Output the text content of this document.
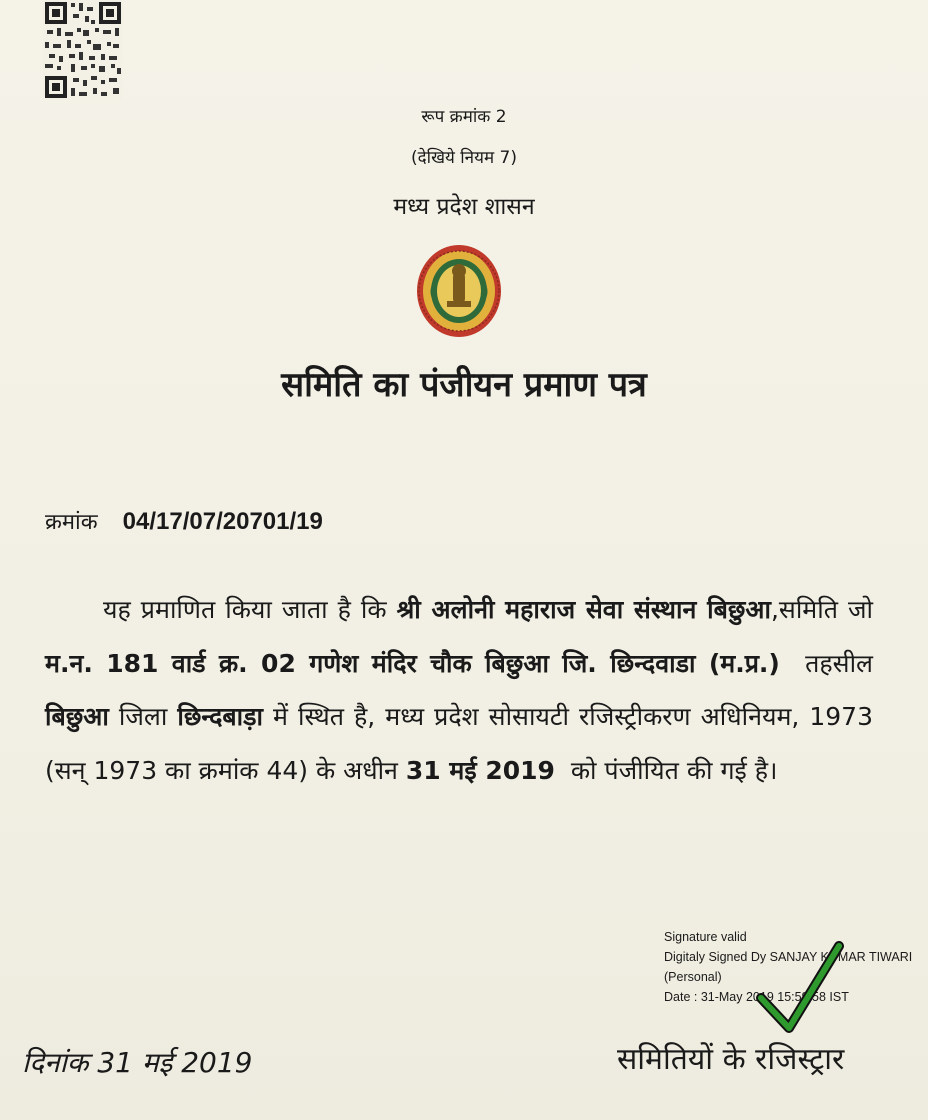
रूप क्रमांक 2
(देखिये नियम 7)
मध्य प्रदेश शासन
समिति का पंजीयन प्रमाण पत्र
क्रमांक 04/17/07/20701/19
यह प्रमाणित किया जाता है कि श्री अलोनी महाराज सेवा संस्थान बिछुआ,समिति जो म.न. 181 वार्ड क्र. 02 गणेश मंदिर चौक बिछुआ जि. छिन्दवाडा (म.प्र.) तहसील बिछुआ जिला छिन्दबाड़ा में स्थित है, मध्य प्रदेश सोसायटी रजिस्ट्रीकरण अधिनियम, 1973 (सन् 1973 का क्रमांक 44) के अधीन 31 मई 2019 को पंजीयित की गई है।
Signature valid
Digitaly Signed Dy SANJAY KUMAR TIWARI
(Personal)
Date : 31-May 2019 15:59:58 IST
दिनांक 31 मई 2019	समितियों के रजिस्ट्रार
